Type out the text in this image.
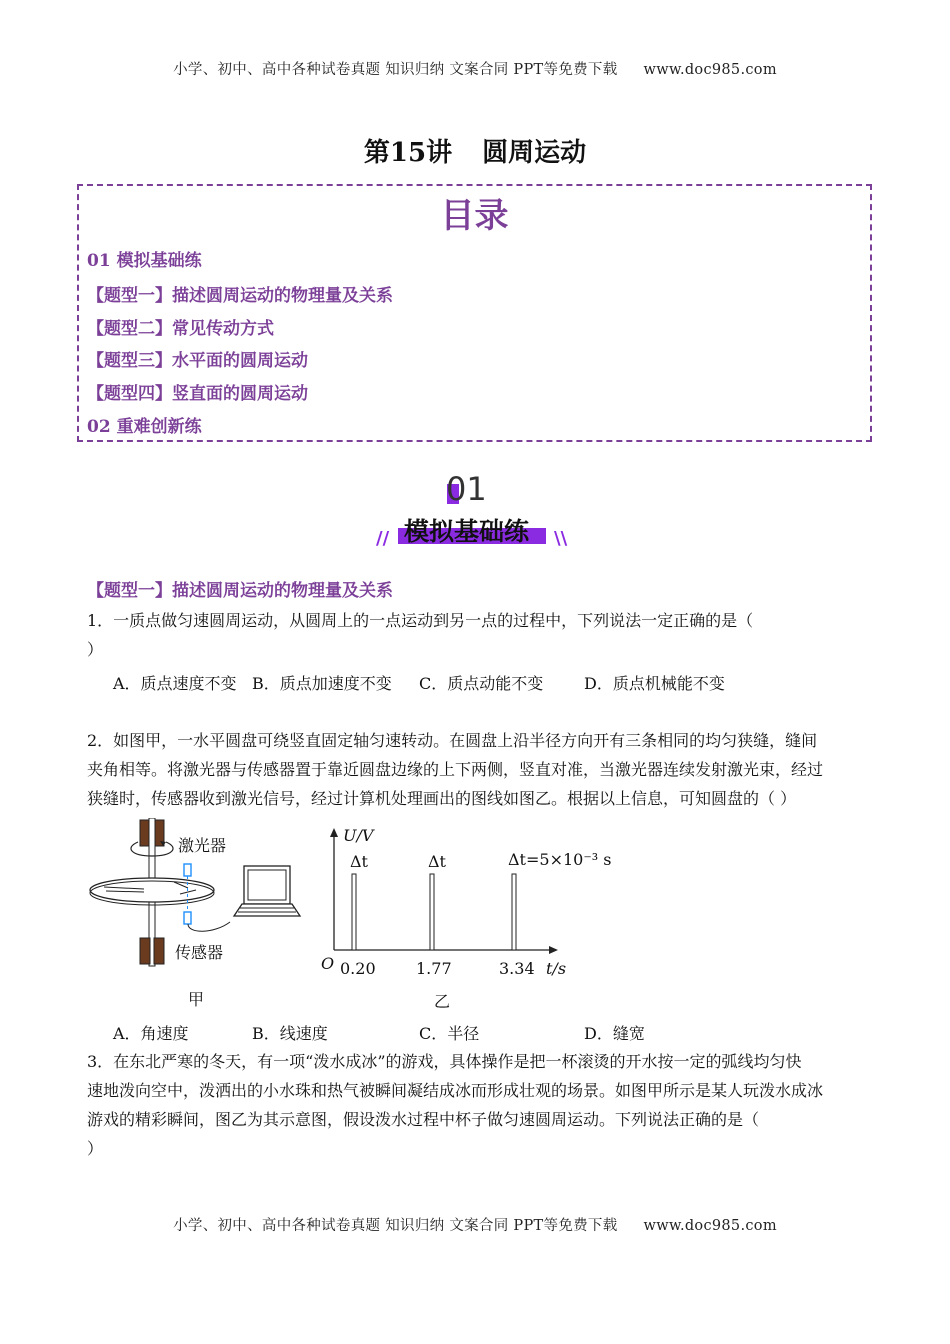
小学、初中、高中各种试卷真题 知识归纳 文案合同 PPT等免费下载 www.doc985.com
第15讲 圆周运动
目录
01 模拟基础练
【题型一】描述圆周运动的物理量及关系
【题型二】常见传动方式
【题型三】水平面的圆周运动
【题型四】竖直面的圆周运动
02 重难创新练
01
模拟基础练
//	\\
【题型一】描述圆周运动的物理量及关系
1．一质点做匀速圆周运动，从圆周上的一点运动到另一点的过程中，下列说法一定正确的是（
）
A．质点速度不变 B．质点加速度不变 C．质点动能不变	D．质点机械能不变
2．如图甲，一水平圆盘可绕竖直固定轴匀速转动。在圆盘上沿半径方向开有三条相同的均匀狭缝，缝间
夹角相等。将激光器与传感器置于靠近圆盘边缘的上下两侧，竖直对准，当激光器连续发射激光束，经过
狭缝时，传感器收到激光信号，经过计算机处理画出的图线如图乙。根据以上信息，可知圆盘的（ ）
激光器
传感器
甲
U/V
Δt	Δt	Δt=5×10⁻³ s
O 0.20	1.77	3.34 t/s
乙
A．角速度	B．线速度	C．半径	D．缝宽
3．在东北严寒的冬天，有一项“泼水成冰”的游戏，具体操作是把一杯滚烫的开水按一定的弧线均匀快
速地泼向空中，泼洒出的小水珠和热气被瞬间凝结成冰而形成壮观的场景。如图甲所示是某人玩泼水成冰
游戏的精彩瞬间，图乙为其示意图，假设泼水过程中杯子做匀速圆周运动。下列说法正确的是（
）
小学、初中、高中各种试卷真题 知识归纳 文案合同 PPT等免费下载 www.doc985.com
